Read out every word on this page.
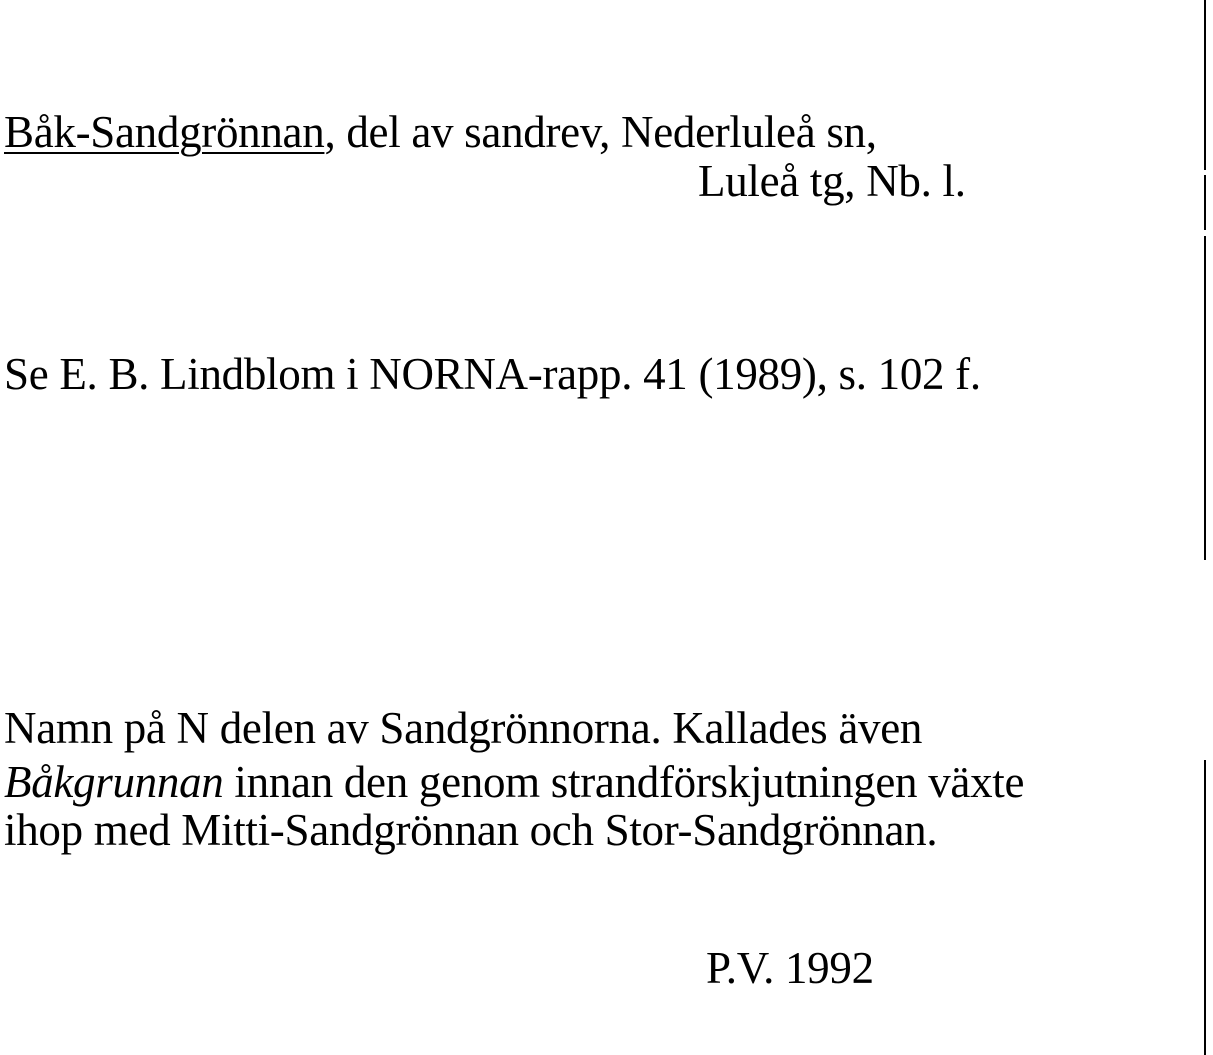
Båk-Sandgrönnan, del av sandrev, Nederluleå sn,
Luleå tg, Nb. l.
Se E. B. Lindblom i NORNA-rapp. 41 (1989), s. 102 f.
Namn på N delen av Sandgrönnorna. Kallades även
Båkgrunnan innan den genom strandförskjutningen växte
ihop med Mitti-Sandgrönnan och Stor-Sandgrönnan.
P.V. 1992
